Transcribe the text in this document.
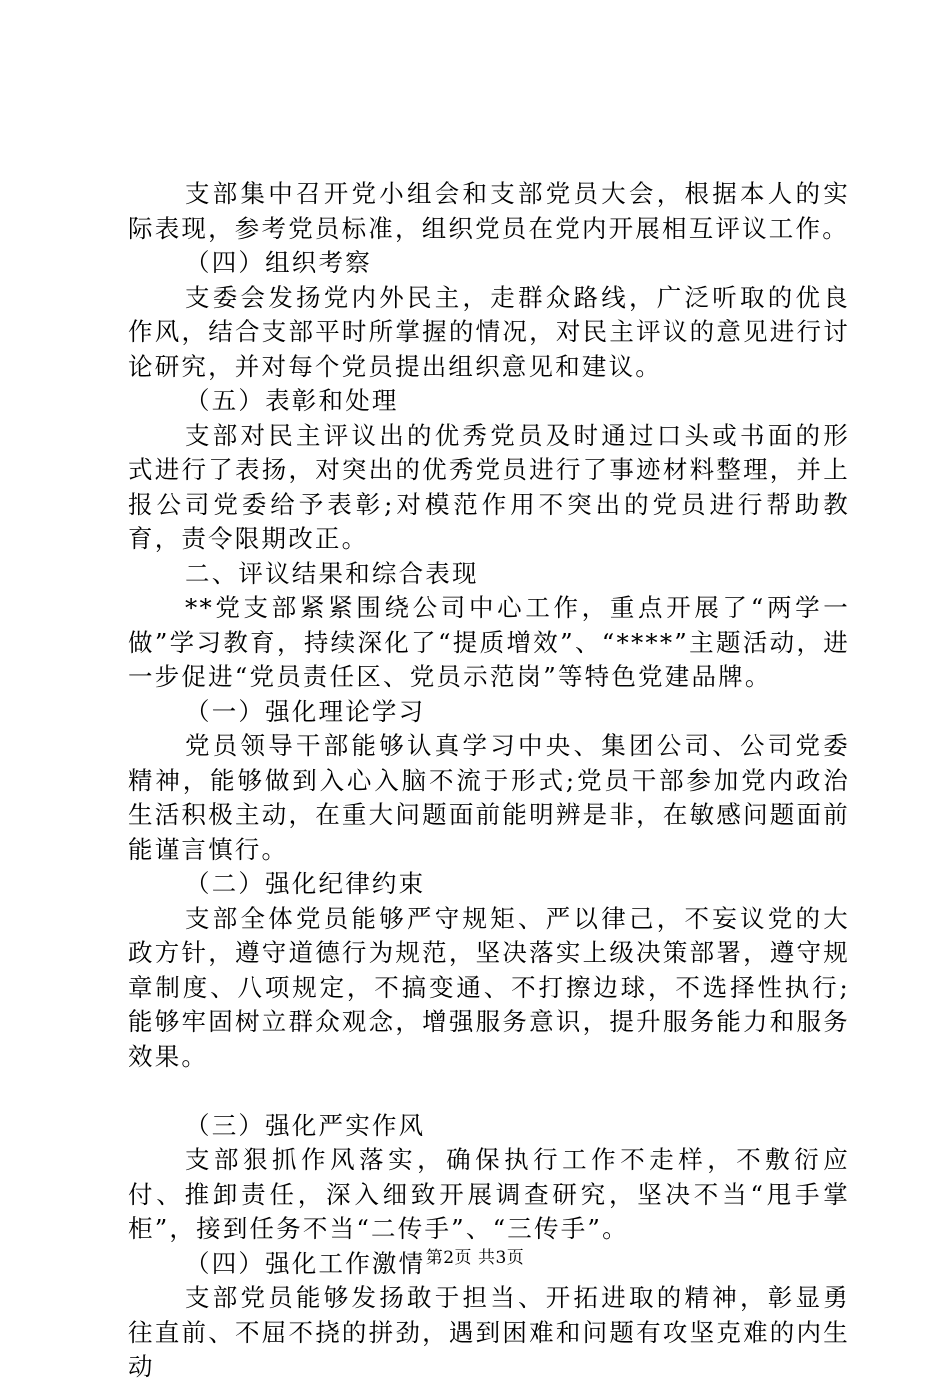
支部集中召开党小组会和支部党员大会，根据本人的实际表现，参考党员标准，组织党员在党内开展相互评议工作。

（四）组织考察

支委会发扬党内外民主，走群众路线，广泛听取的优良作风，结合支部平时所掌握的情况，对民主评议的意见进行讨论研究，并对每个党员提出组织意见和建议。

（五）表彰和处理

支部对民主评议出的优秀党员及时通过口头或书面的形式进行了表扬，对突出的优秀党员进行了事迹材料整理，并上报公司党委给予表彰;对模范作用不突出的党员进行帮助教育，责令限期改正。

二、评议结果和综合表现

**党支部紧紧围绕公司中心工作，重点开展了“两学一做”学习教育，持续深化了“提质增效”、“****”主题活动，进一步促进“党员责任区、党员示范岗”等特色党建品牌。

（一）强化理论学习

党员领导干部能够认真学习中央、集团公司、公司党委精神，能够做到入心入脑不流于形式;党员干部参加党内政治生活积极主动，在重大问题面前能明辨是非，在敏感问题面前能谨言慎行。

（二）强化纪律约束

支部全体党员能够严守规矩、严以律己，不妄议党的大政方针，遵守道德行为规范，坚决落实上级决策部署，遵守规章制度、八项规定，不搞变通、不打擦边球，不选择性执行;能够牢固树立群众观念，增强服务意识，提升服务能力和服务效果。

（三）强化严实作风

支部狠抓作风落实，确保执行工作不走样，不敷衍应付、推卸责任，深入细致开展调查研究，坚决不当“甩手掌柜”，接到任务不当“二传手”、“三传手”。

（四）强化工作激情

支部党员能够发扬敢于担当、开拓进取的精神，彰显勇往直前、不屈不挠的拼劲，遇到困难和问题有攻坚克难的内生动

第2页 共3页
